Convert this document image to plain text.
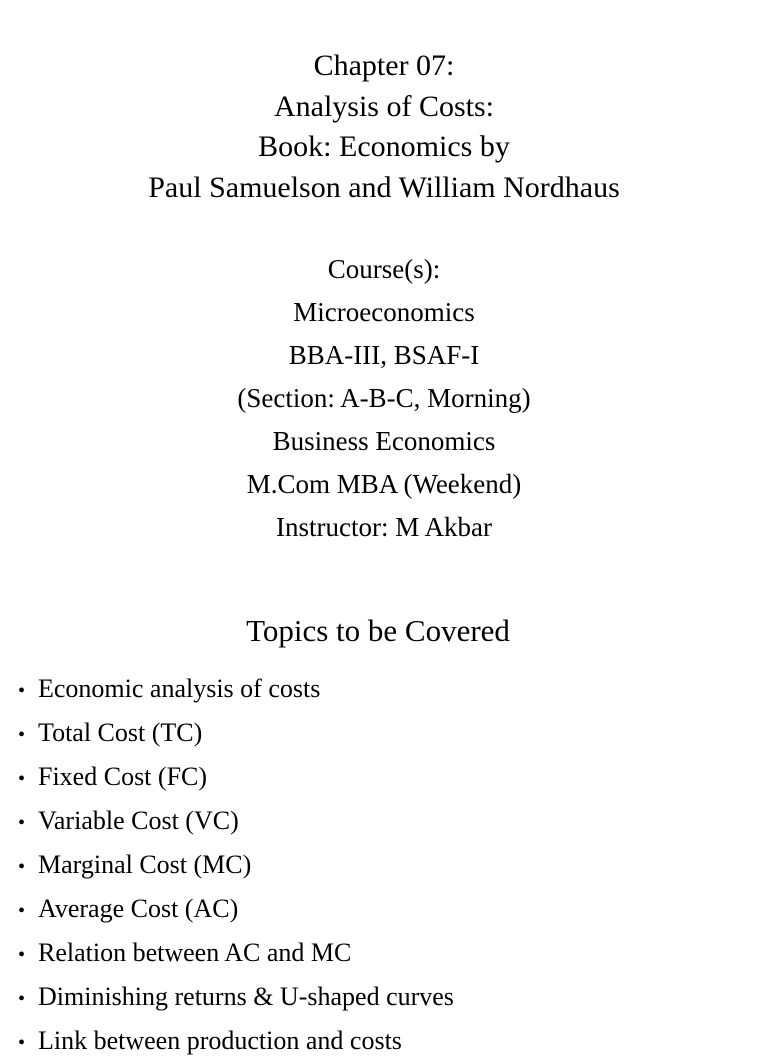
Chapter 07:
Analysis of Costs:
Book: Economics by
Paul Samuelson and William Nordhaus
Course(s):
Microeconomics
BBA-III, BSAF-I
(Section: A-B-C, Morning)
Business Economics
M.Com MBA (Weekend)
Instructor: M Akbar
Topics to be Covered
• Economic analysis of costs
• Total Cost (TC)
• Fixed Cost (FC)
• Variable Cost (VC)
• Marginal Cost (MC)
• Average Cost (AC)
• Relation between AC and MC
• Diminishing returns & U-shaped curves
• Link between production and costs
